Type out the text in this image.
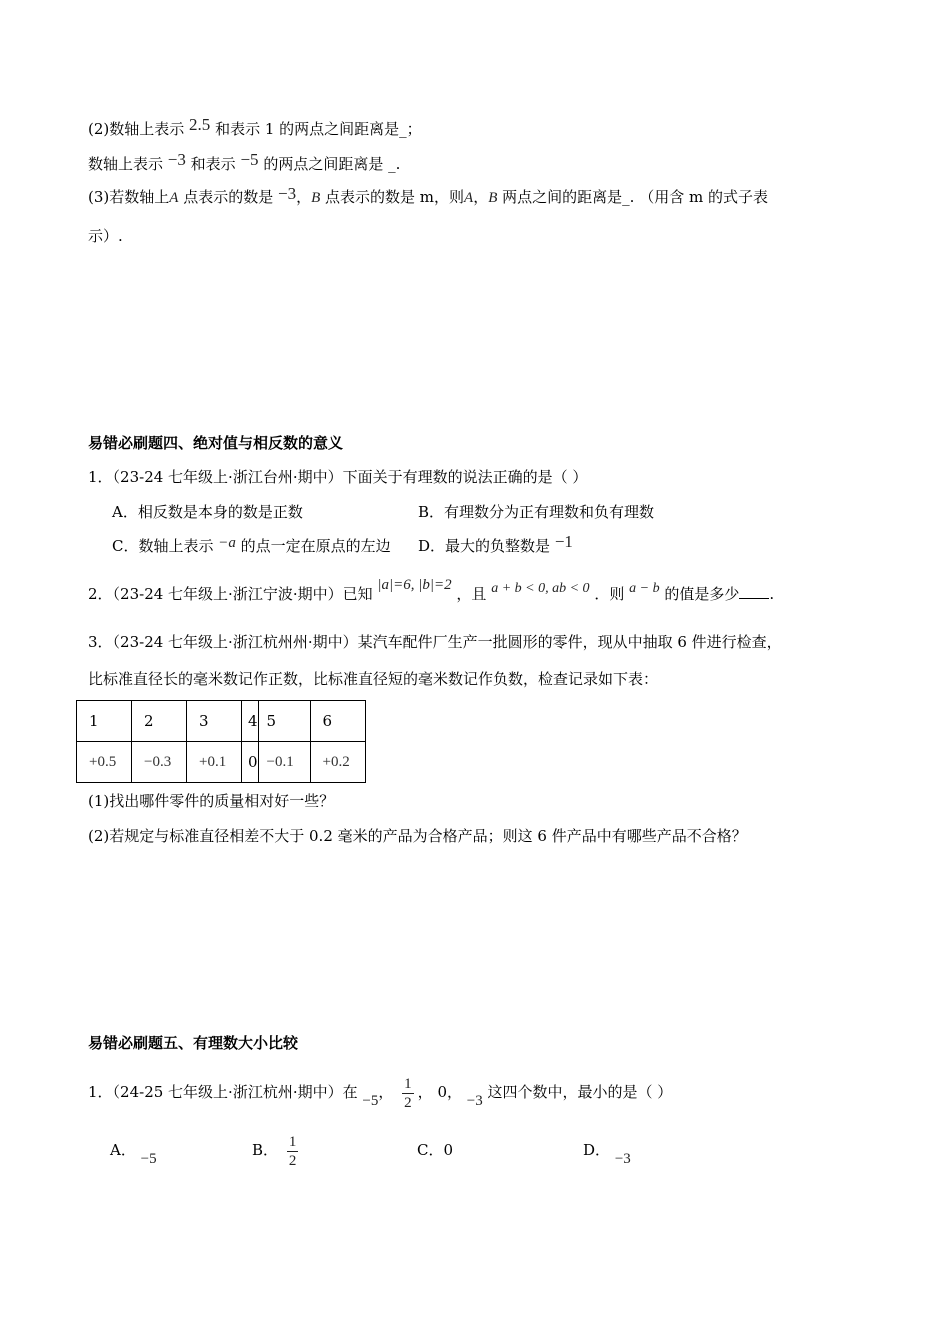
(2)数轴上表示 2.5 和表示 1 的两点之间距离是_；
数轴上表示 −3 和表示 −5 的两点之间距离是 _.
(3)若数轴上A 点表示的数是 −3，B 点表示的数是 m，则A，B 两点之间的距离是_. （用含 m 的式子表
示）.
易错必刷题四、绝对值与相反数的意义
1．（23-24 七年级上·浙江台州·期中）下面关于有理数的说法正确的是（ ）
A．相反数是本身的数是正数	B．有理数分为正有理数和负有理数
C．数轴上表示 −a 的点一定在原点的左边 D．最大的负整数是 −1
2．（23-24 七年级上·浙江宁波·期中）已知 |a|=6, |b|=2 ，且 a + b < 0, ab < 0 ．则 a − b 的值是多少 .
3．（23-24 七年级上·浙江杭州州·期中）某汽车配件厂生产一批圆形的零件，现从中抽取 6 件进行检查，
比标准直径长的毫米数记作正数，比标准直径短的毫米数记作负数，检查记录如下表：
1	2	3	4	5	6
+0.5	−0.3	+0.1	0	−0.1	+0.2
(1)找出哪件零件的质量相对好一些？
(2)若规定与标准直径相差不大于 0.2 毫米的产品为合格产品；则这 6 件产品中有哪些产品不合格？
易错必刷题五、有理数大小比较
1．（24-25 七年级上·浙江杭州·期中）在 −5， $\frac{1}{2}$ ， 0， −3 这四个数中，最小的是（ ）
A． −5	B． $\frac{1}{2}$	C．0	D． −3
